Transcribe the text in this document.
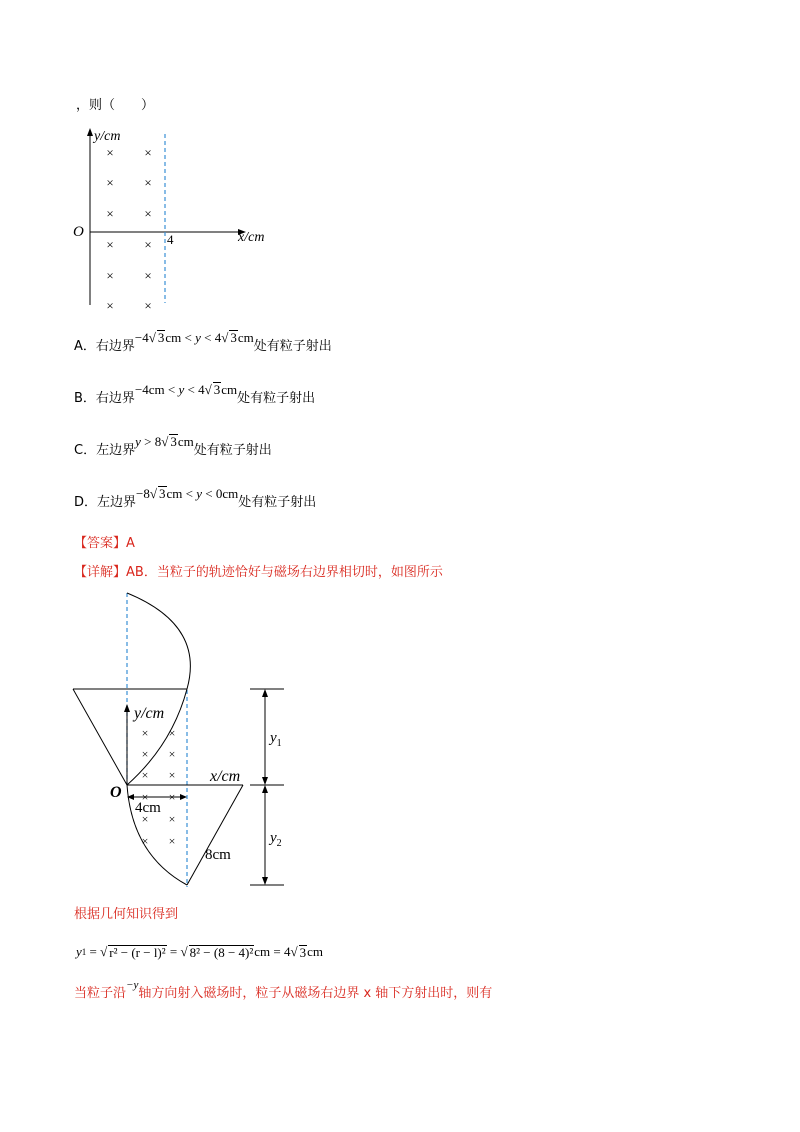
，则（　　）
y/cm
x/cm
O	4
× ×
× ×
× ×
× ×
× ×
× ×
A． 右边界
−4√ 3cm < y < 4√ 3cm
处有粒子射出
B． 右边界
−4cm < y < 4√ 3cm
处有粒子射出
C． 左边界
y > 8√ 3cm
处有粒子射出
D． 左边界
−8√ 3cm < y < 0cm
处有粒子射出
【答案】A
【详解】AB．当粒子的轨迹恰好与磁场右边界相切时，如图所示
y/cm
x/cm
O
4cm
8cm
$y_1$
$y_2$
× ×
× ×
× ×
× ×
× ×
× ×
根据几何知识得到
y 1 = √ r² − (r − l)² = √ 8² − (8 − 4)² cm = 4 √ 3 cm
当粒子沿
−y
轴方向射入磁场时，粒子从磁场右边界 x 轴下方射出时，则有
